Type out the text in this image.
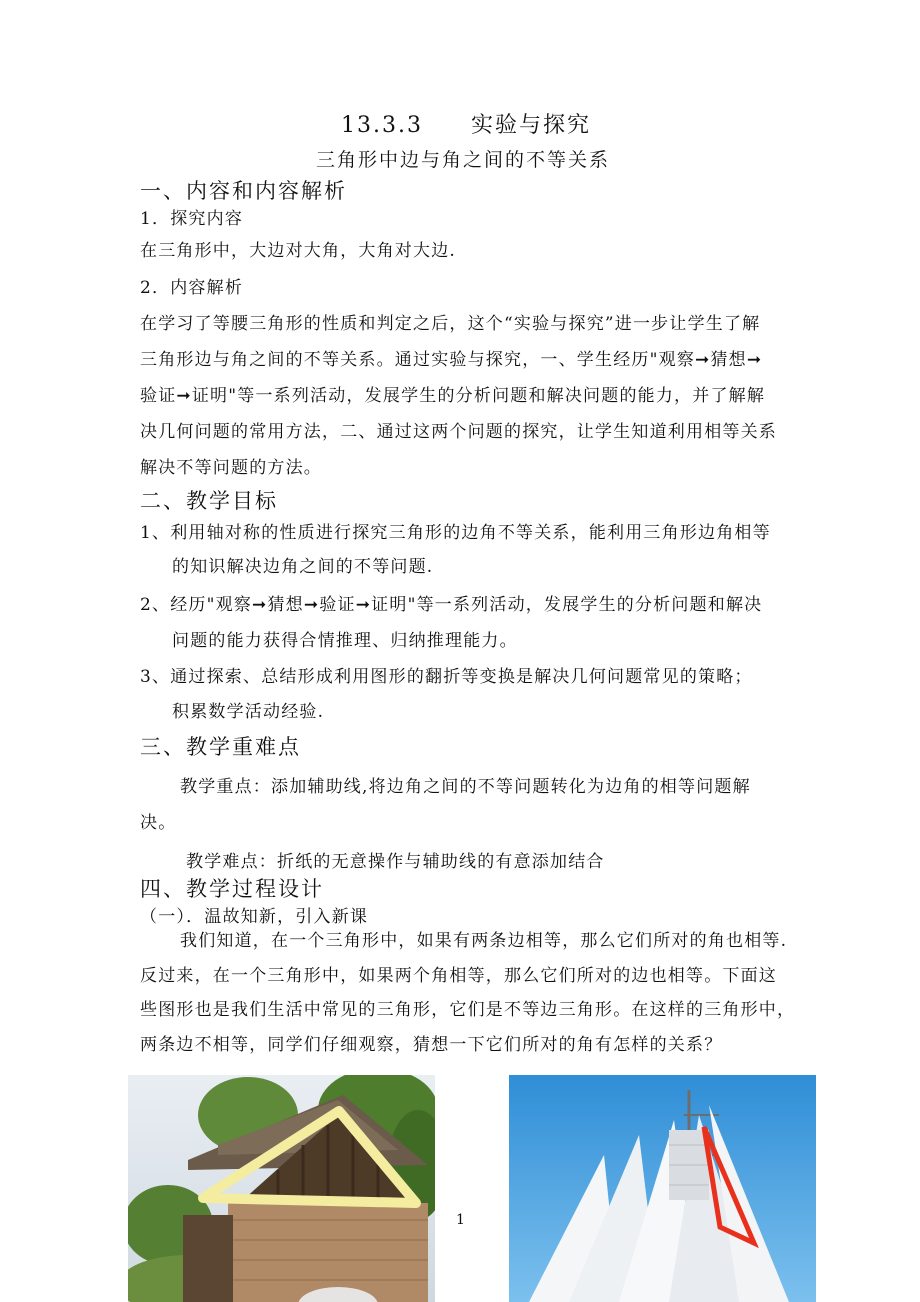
13.3.3　　实验与探究
三角形中边与角之间的不等关系
一、内容和内容解析
1．探究内容
在三角形中，大边对大角，大角对大边.
2．内容解析
在学习了等腰三角形的性质和判定之后，这个“实验与探究”进一步让学生了解
三角形边与角之间的不等关系。通过实验与探究，一、学生经历"观察➞猜想➞
验证➞证明"等一系列活动，发展学生的分析问题和解决问题的能力，并了解解
决几何问题的常用方法，二、通过这两个问题的探究，让学生知道利用相等关系
解决不等问题的方法。
二、教学目标
1、利用轴对称的性质进行探究三角形的边角不等关系，能利用三角形边角相等
的知识解决边角之间的不等问题.
2、经历"观察➞猜想➞验证➞证明"等一系列活动，发展学生的分析问题和解决
问题的能力获得合情推理、归纳推理能力。
3、通过探索、总结形成利用图形的翻折等变换是解决几何问题常见的策略；
积累数学活动经验.
三、教学重难点
教学重点：添加辅助线,将边角之间的不等问题转化为边角的相等问题解
决。
教学难点：折纸的无意操作与辅助线的有意添加结合
四、教学过程设计
（一）．温故知新，引入新课
我们知道，在一个三角形中，如果有两条边相等，那么它们所对的角也相等.
反过来，在一个三角形中，如果两个角相等，那么它们所对的边也相等。下面这
些图形也是我们生活中常见的三角形，它们是不等边三角形。在这样的三角形中，
两条边不相等，同学们仔细观察，猜想一下它们所对的角有怎样的关系？
1
